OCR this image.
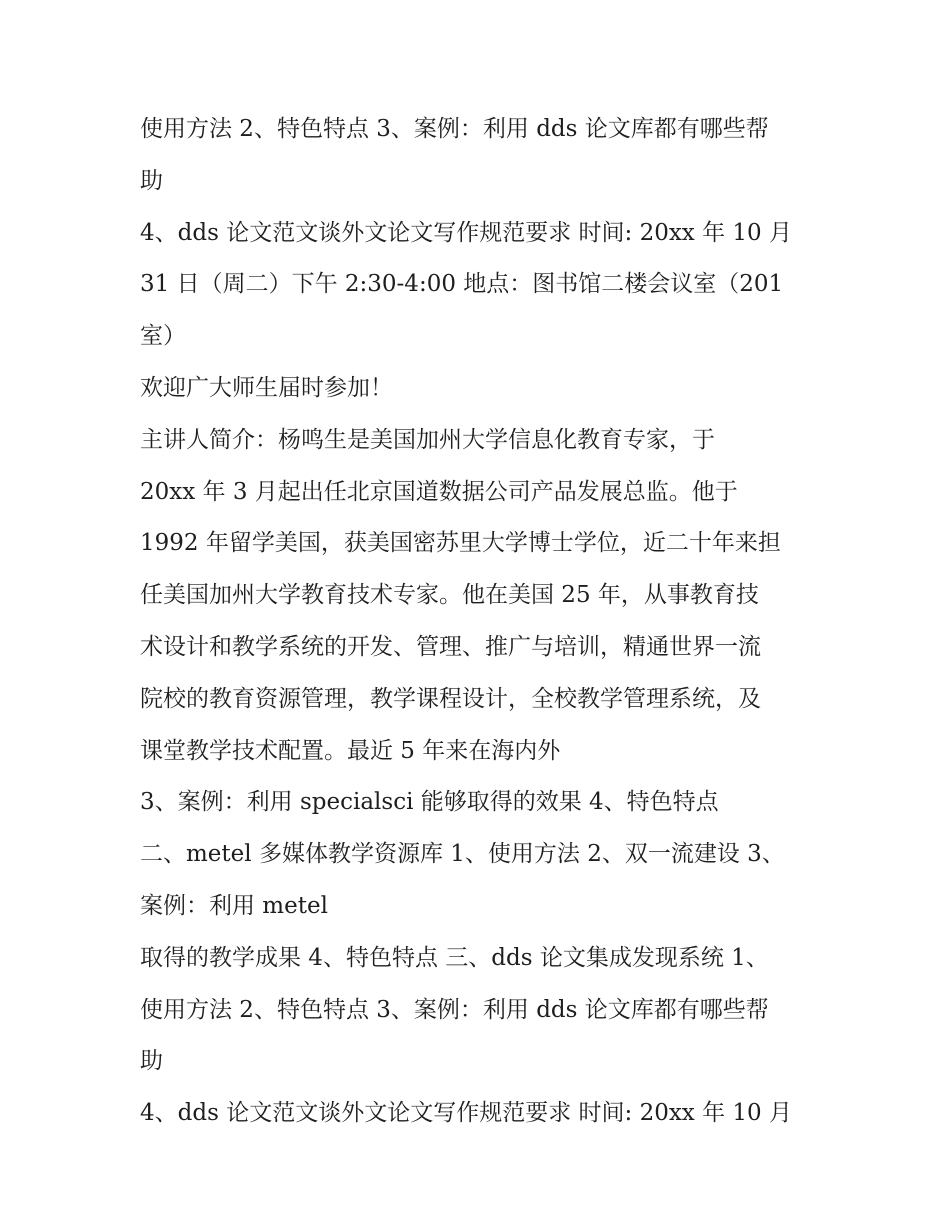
使用方法 2、特色特点 3、案例：利用 dds 论文库都有哪些帮
助
4、dds 论文范文谈外文论文写作规范要求 时间: 20xx 年 10 月
31 日（周二）下午 2:30-4:00 地点：图书馆二楼会议室（201
室）
欢迎广大师生届时参加！
主讲人简介：杨鸣生是美国加州大学信息化教育专家，于
20xx 年 3 月起出任北京国道数据公司产品发展总监。他于
1992 年留学美国，获美国密苏里大学博士学位，近二十年来担
任美国加州大学教育技术专家。他在美国 25 年，从事教育技
术设计和教学系统的开发、管理、推广与培训，精通世界一流
院校的教育资源管理，教学课程设计，全校教学管理系统，及
课堂教学技术配置。最近 5 年来在海内外
3、案例：利用 specialsci 能够取得的效果 4、特色特点
二、metel 多媒体教学资源库 1、使用方法 2、双一流建设 3、
案例：利用 metel
取得的教学成果 4、特色特点 三、dds 论文集成发现系统 1、
使用方法 2、特色特点 3、案例：利用 dds 论文库都有哪些帮
助
4、dds 论文范文谈外文论文写作规范要求 时间: 20xx 年 10 月
